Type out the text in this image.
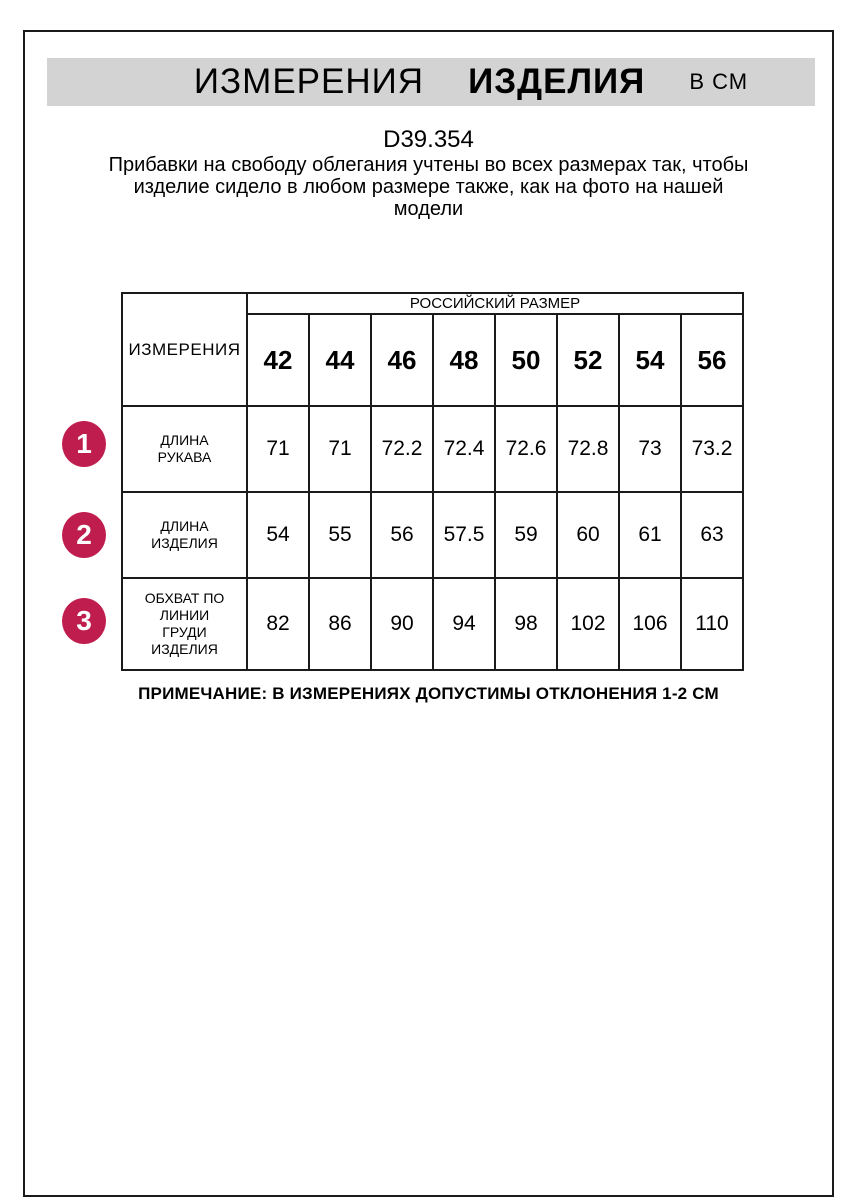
ИЗМЕРЕНИЯ ИЗДЕЛИЯ В СМ
D39.354
Прибавки на свободу облегания учтены во всех размерах так, чтобы
изделие сидело в любом размере также, как на фото на нашей
модели
ИЗМЕРЕНИЯ	РОССИЙСКИЙ РАЗМЕР							
	42	44	46	48	50	52	54	56
ДЛИНА РУКАВА	71	71	72.2	72.4	72.6	72.8	73	73.2
ДЛИНА ИЗДЕЛИЯ	54	55	56	57.5	59	60	61	63
ОБХВАТ ПО ЛИНИИ ГРУДИ ИЗДЕЛИЯ	82	86	90	94	98	102	106	110
1
2
3
ПРИМЕЧАНИЕ: В ИЗМЕРЕНИЯХ ДОПУСТИМЫ ОТКЛОНЕНИЯ 1-2 СМ
